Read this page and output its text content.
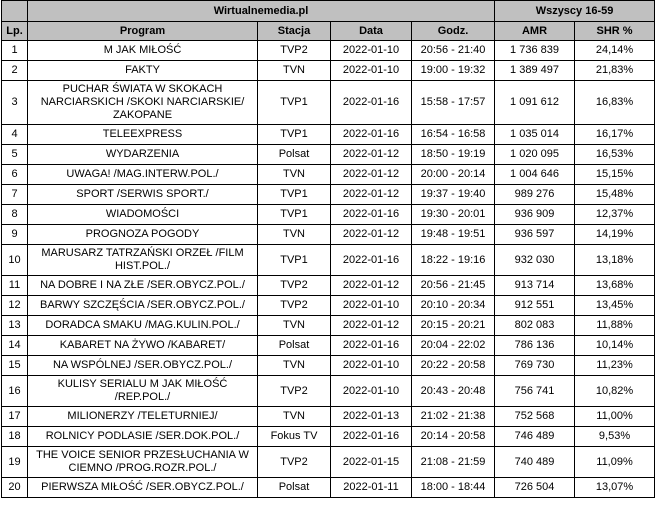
	Wirtualnemedia.pl				Wszyscy 16-59	
Lp.	Program	Stacja	Data	Godz.	AMR	SHR %
1	M JAK MIŁOŚĆ	TVP2	2022-01-10	20:56 - 21:40	1 736 839	24,14%
2	FAKTY	TVN	2022-01-10	19:00 - 19:32	1 389 497	21,83%
3	PUCHAR ŚWIATA W SKOKACH NARCIARSKICH /SKOKI NARCIARSKIE/ ZAKOPANE	TVP1	2022-01-16	15:58 - 17:57	1 091 612	16,83%
4	TELEEXPRESS	TVP1	2022-01-16	16:54 - 16:58	1 035 014	16,17%
5	WYDARZENIA	Polsat	2022-01-12	18:50 - 19:19	1 020 095	16,53%
6	UWAGA! /MAG.INTERW.POL./	TVN	2022-01-12	20:00 - 20:14	1 004 646	15,15%
7	SPORT /SERWIS SPORT./	TVP1	2022-01-12	19:37 - 19:40	989 276	15,48%
8	WIADOMOŚCI	TVP1	2022-01-16	19:30 - 20:01	936 909	12,37%
9	PROGNOZA POGODY	TVN	2022-01-12	19:48 - 19:51	936 597	14,19%
10	MARUSARZ TATRZAŃSKI ORZEŁ /FILM HIST.POL./	TVP1	2022-01-16	18:22 - 19:16	932 030	13,18%
11	NA DOBRE I NA ZŁE /SER.OBYCZ.POL./	TVP2	2022-01-12	20:56 - 21:45	913 714	13,68%
12	BARWY SZCZĘŚCIA /SER.OBYCZ.POL./	TVP2	2022-01-10	20:10 - 20:34	912 551	13,45%
13	DORADCA SMAKU /MAG.KULIN.POL./	TVN	2022-01-12	20:15 - 20:21	802 083	11,88%
14	KABARET NA ŻYWO /KABARET/	Polsat	2022-01-16	20:04 - 22:02	786 136	10,14%
15	NA WSPÓLNEJ /SER.OBYCZ.POL./	TVN	2022-01-10	20:22 - 20:58	769 730	11,23%
16	KULISY SERIALU M JAK MIŁOŚĆ /REP.POL./	TVP2	2022-01-10	20:43 - 20:48	756 741	10,82%
17	MILIONERZY /TELETURNIEJ/	TVN	2022-01-13	21:02 - 21:38	752 568	11,00%
18	ROLNICY PODLASIE /SER.DOK.POL./	Fokus TV	2022-01-16	20:14 - 20:58	746 489	9,53%
19	THE VOICE SENIOR PRZESŁUCHANIA W CIEMNO /PROG.ROZR.POL./	TVP2	2022-01-15	21:08 - 21:59	740 489	11,09%
20	PIERWSZA MIŁOŚĆ /SER.OBYCZ.POL./	Polsat	2022-01-11	18:00 - 18:44	726 504	13,07%
